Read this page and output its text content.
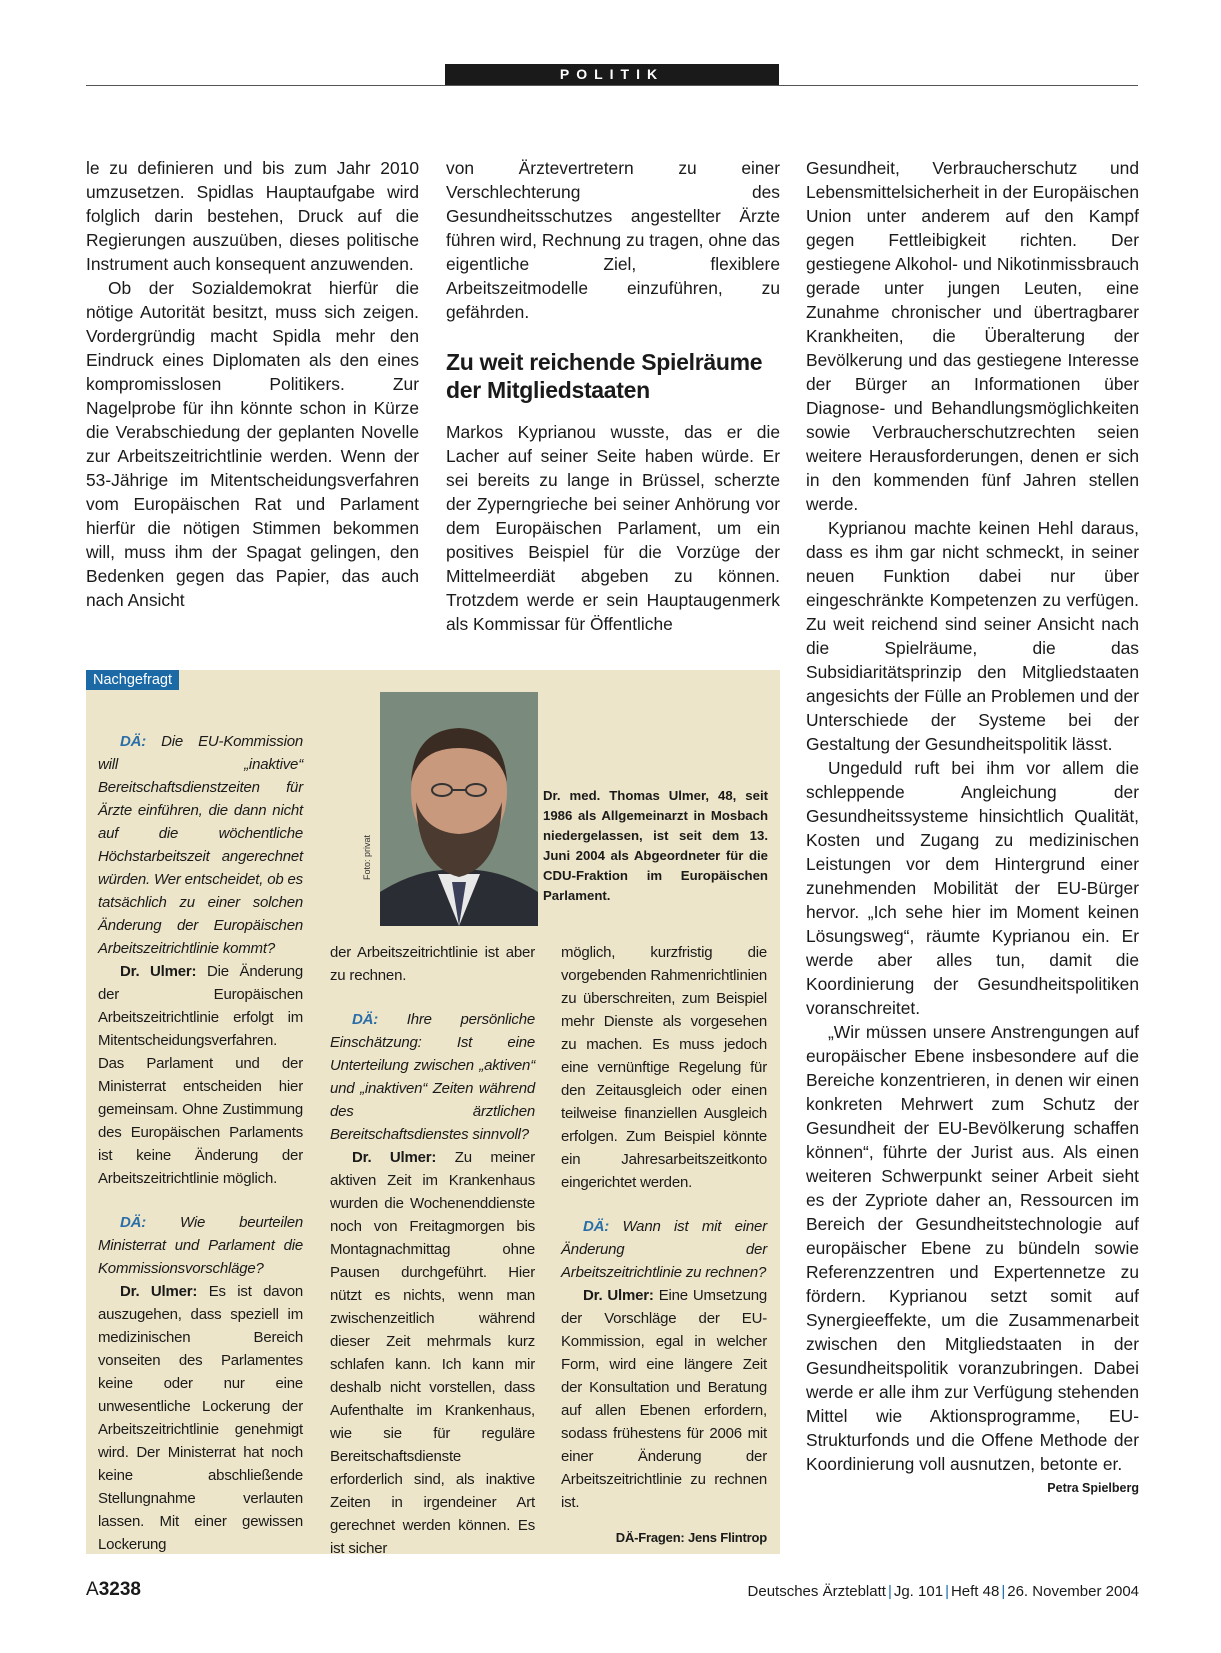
POLITIK

le zu definieren und bis zum Jahr 2010 umzusetzen. Spidlas Hauptaufgabe wird folglich darin bestehen, Druck auf die Regierungen auszuüben, dieses politische Instrument auch konsequent anzuwenden.

Ob der Sozialdemokrat hierfür die nötige Autorität besitzt, muss sich zeigen. Vordergründig macht Spidla mehr den Eindruck eines Diplomaten als den eines kompromisslosen Politikers. Zur Nagelprobe für ihn könnte schon in Kürze die Verabschiedung der geplanten Novelle zur Arbeitszeitrichtlinie werden. Wenn der 53-Jährige im Mitentscheidungsverfahren vom Europäischen Rat und Parlament hierfür die nötigen Stimmen bekommen will, muss ihm der Spagat gelingen, den Bedenken gegen das Papier, das auch nach Ansicht

von Ärztevertretern zu einer Verschlechterung des Gesundheitsschutzes angestellter Ärzte führen wird, Rechnung zu tragen, ohne das eigentliche Ziel, flexiblere Arbeitszeitmodelle einzuführen, zu gefährden.

Zu weit reichende Spielräume der Mitgliedstaaten

Markos Kyprianou wusste, das er die Lacher auf seiner Seite haben würde. Er sei bereits zu lange in Brüssel, scherzte der Zyperngrieche bei seiner Anhörung vor dem Europäischen Parlament, um ein positives Beispiel für die Vorzüge der Mittelmeerdiät abgeben zu können. Trotzdem werde er sein Hauptaugenmerk als Kommissar für Öffentliche

Gesundheit, Verbraucherschutz und Lebensmittelsicherheit in der Europäischen Union unter anderem auf den Kampf gegen Fettleibigkeit richten. Der gestiegene Alkohol- und Nikotinmissbrauch gerade unter jungen Leuten, eine Zunahme chronischer und übertragbarer Krankheiten, die Überalterung der Bevölkerung und das gestiegene Interesse der Bürger an Informationen über Diagnose- und Behandlungsmöglichkeiten sowie Verbraucherschutzrechten seien weitere Herausforderungen, denen er sich in den kommenden fünf Jahren stellen werde.

Kyprianou machte keinen Hehl daraus, dass es ihm gar nicht schmeckt, in seiner neuen Funktion dabei nur über eingeschränkte Kompetenzen zu verfügen. Zu weit reichend sind seiner Ansicht nach die Spielräume, die das Subsidiaritätsprinzip den Mitgliedstaaten angesichts der Fülle an Problemen und der Unterschiede der Systeme bei der Gestaltung der Gesundheitspolitik lässt.

Ungeduld ruft bei ihm vor allem die schleppende Angleichung der Gesundheitssysteme hinsichtlich Qualität, Kosten und Zugang zu medizinischen Leistungen vor dem Hintergrund einer zunehmenden Mobilität der EU-Bürger hervor. „Ich sehe hier im Moment keinen Lösungsweg“, räumte Kyprianou ein. Er werde aber alles tun, damit die Koordinierung der Gesundheitspolitiken voranschreitet.

„Wir müssen unsere Anstrengungen auf europäischer Ebene insbesondere auf die Bereiche konzentrieren, in denen wir einen konkreten Mehrwert zum Schutz der Gesundheit der EU-Bevölkerung schaffen können“, führte der Jurist aus. Als einen weiteren Schwerpunkt seiner Arbeit sieht es der Zypriote daher an, Ressourcen im Bereich der Gesundheitstechnologie auf europäischer Ebene zu bündeln sowie Referenzzentren und Expertennetze zu fördern. Kyprianou setzt somit auf Synergieeffekte, um die Zusammenarbeit zwischen den Mitgliedstaaten in der Gesundheitspolitik voranzubringen. Dabei werde er alle ihm zur Verfügung stehenden Mittel wie Aktionsprogramme, EU-Strukturfonds und die Offene Methode der Koordinierung voll ausnutzen, betonte er.
Petra Spielberg

Nachgefragt
Foto: privat
Dr. med. Thomas Ulmer, 48, seit 1986 als Allgemeinarzt in Mosbach niedergelassen, ist seit dem 13. Juni 2004 als Abgeordneter für die CDU-Fraktion im Europäischen Parlament.

DÄ: Die EU-Kommission will „inaktive“ Bereitschaftsdienstzeiten für Ärzte einführen, die dann nicht auf die wöchentliche Höchstarbeitszeit angerechnet würden. Wer entscheidet, ob es tatsächlich zu einer solchen Änderung der Europäischen Arbeitszeitrichtlinie kommt?

Dr. Ulmer: Die Änderung der Europäischen Arbeitszeitrichtlinie erfolgt im Mitentscheidungsverfahren. Das Parlament und der Ministerrat entscheiden hier gemeinsam. Ohne Zustimmung des Europäischen Parlaments ist keine Änderung der Arbeitszeitrichtlinie möglich.

DÄ: Wie beurteilen Ministerrat und Parlament die Kommissionsvorschläge?

Dr. Ulmer: Es ist davon auszugehen, dass speziell im medizinischen Bereich vonseiten des Parlamentes keine oder nur eine unwesentliche Lockerung der Arbeitszeitrichtlinie genehmigt wird. Der Ministerrat hat noch keine abschließende Stellungnahme verlauten lassen. Mit einer gewissen Lockerung

der Arbeitszeitrichtlinie ist aber zu rechnen.

DÄ: Ihre persönliche Einschätzung: Ist eine Unterteilung zwischen „aktiven“ und „inaktiven“ Zeiten während des ärztlichen Bereitschaftsdienstes sinnvoll?

Dr. Ulmer: Zu meiner aktiven Zeit im Krankenhaus wurden die Wochenenddienste noch von Freitagmorgen bis Montagnachmittag ohne Pausen durchgeführt. Hier nützt es nichts, wenn man zwischenzeitlich während dieser Zeit mehrmals kurz schlafen kann. Ich kann mir deshalb nicht vorstellen, dass Aufenthalte im Krankenhaus, wie sie für reguläre Bereitschaftsdienste erforderlich sind, als inaktive Zeiten in irgendeiner Art gerechnet werden können. Es ist sicher

möglich, kurzfristig die vorgebenden Rahmenrichtlinien zu überschreiten, zum Beispiel mehr Dienste als vorgesehen zu machen. Es muss jedoch eine vernünftige Regelung für den Zeitausgleich oder einen teilweise finanziellen Ausgleich erfolgen. Zum Beispiel könnte ein Jahresarbeitszeitkonto eingerichtet werden.

DÄ: Wann ist mit einer Änderung der Arbeitszeitrichtlinie zu rechnen?

Dr. Ulmer: Eine Umsetzung der Vorschläge der EU-Kommission, egal in welcher Form, wird eine längere Zeit der Konsultation und Beratung auf allen Ebenen erfordern, sodass frühestens für 2006 mit einer Änderung der Arbeitszeitrichtlinie zu rechnen ist.

DÄ-Fragen: Jens Flintrop
A3238	Deutsches Ärzteblatt | Jg. 101 | Heft 48 | 26. November 2004
